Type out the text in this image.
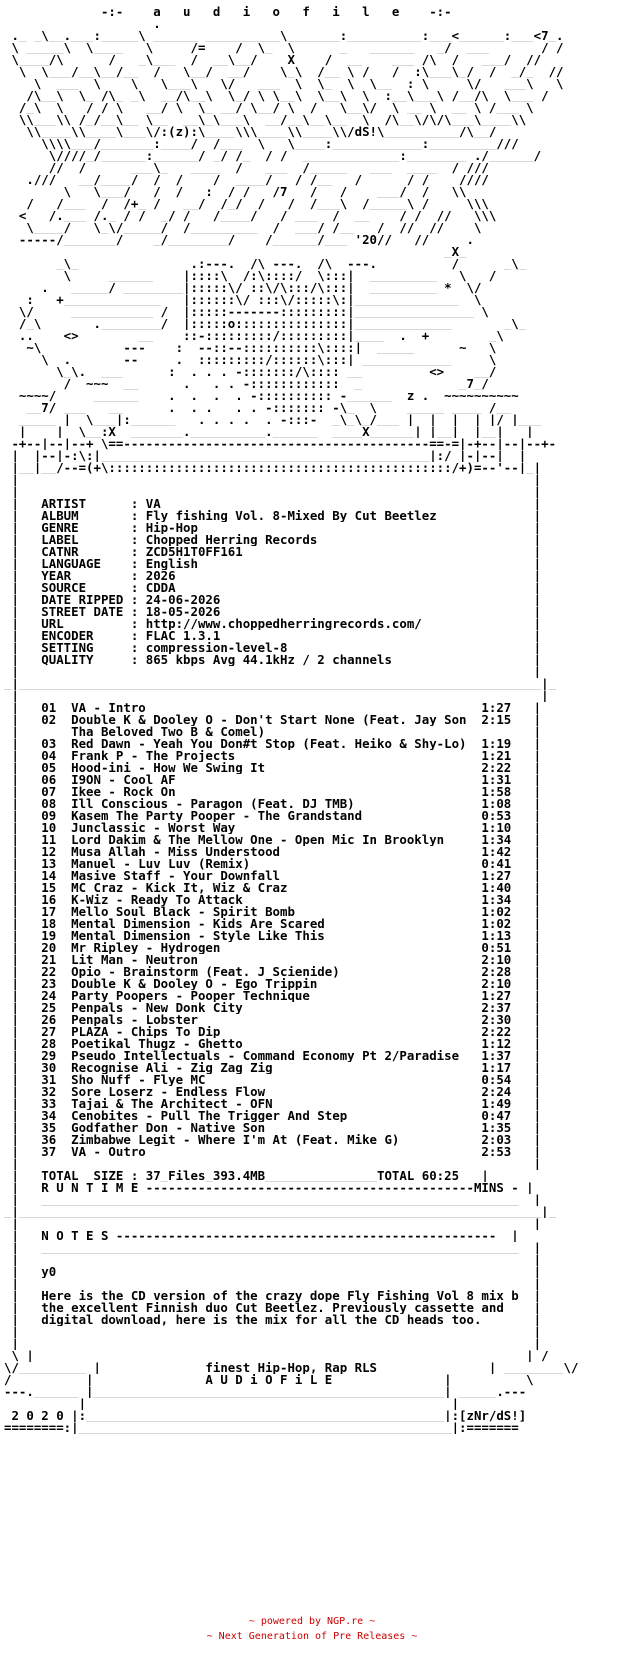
-:-    a   u   d   i   o   f   i   l   e    -:-
.
._ _\__.___:_____\ ______ __________\_______:__________:___<______:___<7_.
\ _____\  \____   \     /=    /  \_  \      _   ______   _/  ___       / /
\____/\      /   _\___  /  __\__/    X    /  __    ___ /\  /   ___/  //
\  \___/__\__/__  /   \__/  __/    \_\  /__ \ /   /  :\___\_/  /  _/_  //
\  ___  \    \   \___\   \/   ___  \  \_  \  \__  : \     \/   ___\   \
/\__\  \_ /\_ _\  __/\__\  \_/ \ \__\  \__\  \  :__\___\ /__/\  \___ /
/_\  \   / / \   __/ \  \_ __/ \__/ \  /   \__\/  \ __ \  __ \ /___ \
\\___\\ /_/__\__ \__  __\_\___\  __/__\__\__  \  /\__\/\/\___\____\\
\\____\\____\___\/:(z):\____\\\____\\____\\/dS!\__________/\__/
\\\\___/_______:____/  /___  \   \____:____________:_________///
\////_/______:______/ _/ /_  / /  _____________:________ ./______/
//  /      ___\_   ____  /   ___  /_____   ___  ____  / ///
.///   __/____/  /  /    /  ____/   / /__   /      / /    ////
\   \___/   /  /   :  / /   /7   /   /    ___/  /   \\
/   /___  /  /+_ /   __/  /_/  /   /  /___\  /_____\ /     \\\
<   /.___ /._ / /  _/ /   /____/   / ___  /  __    / /  //   \\\
\____/   \_\/_____/  /_________  /  ___/ /__   /  //  //    \
-----/_______/    _/________/    /______/___ '20//   //     .
_X_
_\_               .:---.  /\ ---.  /\  ---.          /      _\_
\     ______    |::::\  /:\::::/  \:::|  _________   \   /
.   _____/ ________|:::::\/ ::\/\:::/\:::|  _________ *  \/
:   +_____________   |::::::\/ :::\/:::::\:|______________  \
\/     ___________ /  |:::::-------:::::::::|________________ \
/_\       .________/  |:::::o:::::::::::::::|_____________       _\_
..    <>        __    ::-:::::::::/:::::::::|____  .  +        _\
~\           ---    :  --::--::::::::::\::::|  _____      ~   \
\  .       --     .  :::::::::/::::::\:::| ____________     \
\_\.  ___      :  . . . -:::::::/\:::: __         <>    __/
/  ~~~  __      .   . . -::::::::::::  _             _7_/
~~~~/     ______    .  .  .  . -:::::::::: -______  z .  ~~~~~~~~~~
__7/ ___   __      .  . .   . . -::::::: -\_  \    _____ ____ /__
_____ |  \___|:______   . . . .  . -:::-  _\_\_/___ |  |  |  | |/ |___
|    |  \__:X  _______.__________.______  ____X______| |__|  |__|   |
-+--|--|--+ \==-----------------------------------------==-=|-+--|--|--+-
|  |--|-:\:|____________________________________________|:/ |-|--|  |
|__|__/--=(+\::::::::::::::::::::::::::::::::::::::::::::::/+)=--'--|_|
|                                                                     |
|                                                                     |
|   ARTIST      : VA                                                  |
|   ALBUM       : Fly fishing Vol. 8-Mixed By Cut Beetlez             |
|   GENRE       : Hip-Hop                                             |
|   LABEL       : Chopped Herring Records                             |
|   CATNR       : ZCD5H1T0FF161                                       |
|   LANGUAGE    : English                                             |
|   YEAR        : 2026                                                |
|   SOURCE      : CDDA                                                |
|   DATE RIPPED : 24-06-2026                                          |
|   STREET DATE : 18-05-2026                                          |
|   URL         : http://www.choppedherringrecords.com/               |
|   ENCODER     : FLAC 1.3.1                                          |
|   SETTING     : compression-level-8                                 |
|   QUALITY     : 865 kbps Avg 44.1kHz / 2 channels                   |
|                                                                     |
_|______________________________________________________________________|_
|                                                                      |
|   01  VA - Intro                                             1:27   |
|   02  Double K & Dooley O - Don't Start None (Feat. Jay Son  2:15   |
|       Tha Beloved Two B & Comel)                                    |
|   03  Red Dawn - Yeah You Don#t Stop (Feat. Heiko & Shy-Lo)  1:19   |
|   04  Frank P - The Projects                                 1:21   |
|   05  Hood-ini - How We Swing It                             2:22   |
|   06  I9ON - Cool AF                                         1:31   |
|   07  Ikee - Rock On                                         1:58   |
|   08  Ill Conscious - Paragon (Feat. DJ TMB)                 1:08   |
|   09  Kasem The Party Pooper - The Grandstand                0:53   |
|   10  Junclassic - Worst Way                                 1:10   |
|   11  Lord Dakim & The Mellow One - Open Mic In Brooklyn     1:34   |
|   12  Musa Allah - Miss Understood                           1:42   |
|   13  Manuel - Luv Luv (Remix)                               0:41   |
|   14  Masive Staff - Your Downfall                           1:27   |
|   15  MC Craz - Kick It, Wiz & Craz                          1:40   |
|   16  K-Wiz - Ready To Attack                                1:34   |
|   17  Mello Soul Black - Spirit Bomb                         1:02   |
|   18  Mental Dimension - Kids Are Scared                     1:02   |
|   19  Mental Dimension - Style Like This                     1:13   |
|   20  Mr Ripley - Hydrogen                                   0:51   |
|   21  Lit Man - Neutron                                      2:10   |
|   22  Opio - Brainstorm (Feat. J Scienide)                   2:28   |
|   23  Double K & Dooley O - Ego Trippin                      2:10   |
|   24  Party Poopers - Pooper Technique                       1:27   |
|   25  Penpals - New Donk City                                2:37   |
|   26  Penpals - Lobster                                      2:30   |
|   27  PLAZA - Chips To Dip                                   2:22   |
|   28  Poetikal Thugz - Ghetto                                1:12   |
|   29  Pseudo Intellectuals - Command Economy Pt 2/Paradise   1:37   |
|   30  Recognise Ali - Zig Zag Zig                            1:17   |
|   31  Sho Nuff - Flye MC                                     0:54   |
|   32  Sore Loserz - Endless Flow                             2:24   |
|   33  Tajai & The Architect - OFN                            1:49   |
|   34  Cenobites - Pull The Trigger And Step                  0:47   |
|   35  Godfather Don - Native Son                             1:35   |
|   36  Zimbabwe Legit - Where I'm At (Feat. Mike G)           2:03   |
|   37  VA - Outro                                             2:53   |
|                                                                     |
|   TOTAL  SIZE : 37_Files_393.4MB_______________TOTAL 60:25   |
|   R U N T I M E --------------------------------------------MINS - |
|   ________________________________________________________________  |
_|______________________________________________________________________|_
|                                                                     |
|   N O T E S ---------------------------------------------------  |
|   ________________________________________________________________  |
|                                                                     |
|   y0                                                                |
|                                                                     |
|   Here is the CD version of the crazy dope Fly Fishing Vol 8 mix b  |
|   the excellent Finnish duo Cut Beetlez. Previously cassette and    |
|   digital download, here is the mix for all the CD heads too.       |
|                                                                     |
|                                                                     |
\ |                                                                  | /
\/_________ |              finest Hip-Hop, Rap RLS               | ________\/
/          |               A U D i O F i L E               |          \
---.______ |_______________________________________________| _____.---
|                                                 |
2 0 2 0 |:________________________________________________|:[zNr/dS!]
========:|__________________________________________________|:=======
~ powered by NGP.re ~
~ Next Generation of Pre Releases ~
